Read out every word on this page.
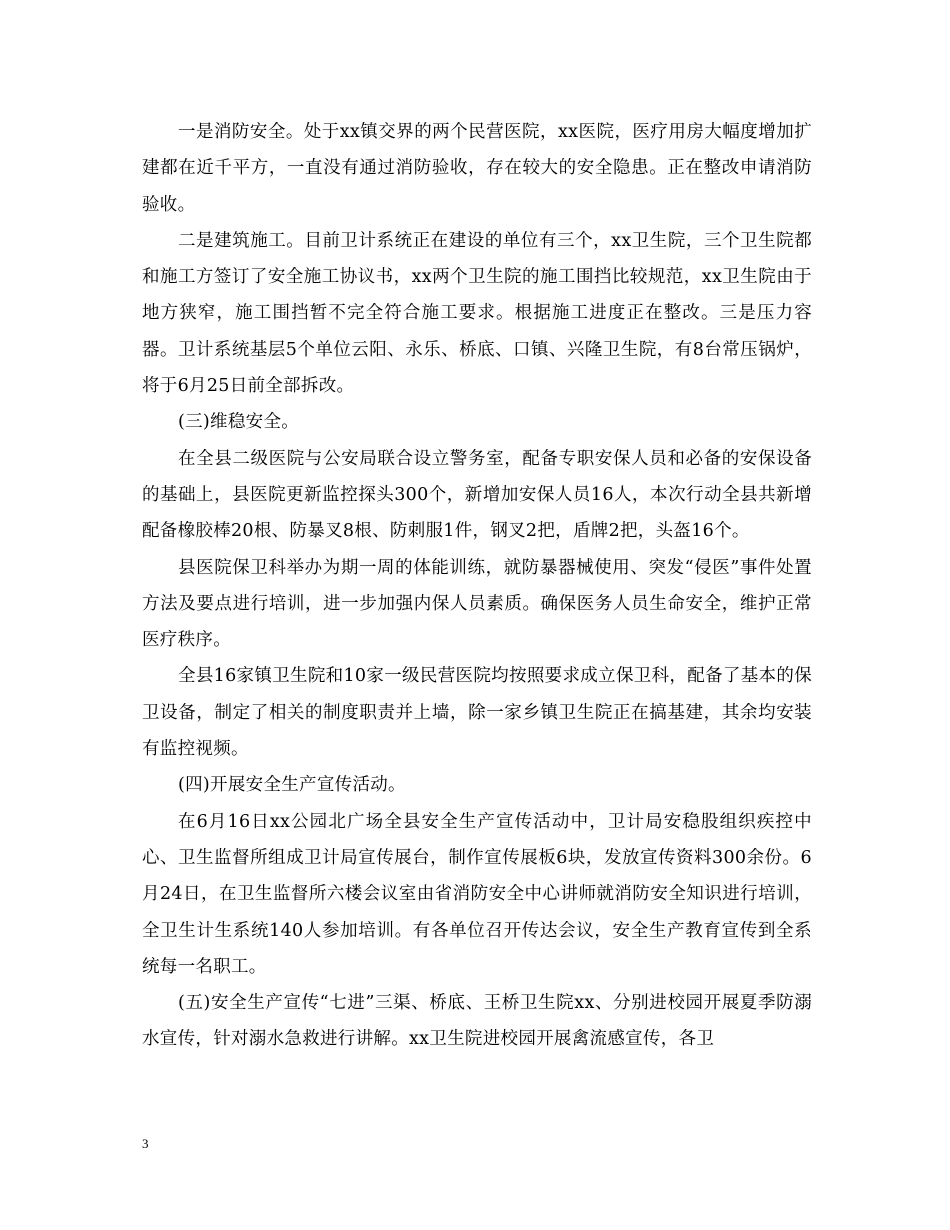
一是消防安全。处于xx镇交界的两个民营医院，xx医院，医疗用房大幅度增加扩建都在近千平方，一直没有通过消防验收，存在较大的安全隐患。正在整改申请消防验收。

二是建筑施工。目前卫计系统正在建设的单位有三个，xx卫生院，三个卫生院都和施工方签订了安全施工协议书，xx两个卫生院的施工围挡比较规范，xx卫生院由于地方狭窄，施工围挡暂不完全符合施工要求。根据施工进度正在整改。三是压力容器。卫计系统基层5个单位云阳、永乐、桥底、口镇、兴隆卫生院，有8台常压锅炉，将于6月25日前全部拆改。

(三)维稳安全。

在全县二级医院与公安局联合设立警务室，配备专职安保人员和必备的安保设备的基础上，县医院更新监控探头300个，新增加安保人员16人，本次行动全县共新增配备橡胶棒20根、防暴叉8根、防刺服1件，钢叉2把，盾牌2把，头盔16个。

县医院保卫科举办为期一周的体能训练，就防暴器械使用、突发“侵医”事件处置方法及要点进行培训，进一步加强内保人员素质。确保医务人员生命安全，维护正常医疗秩序。

全县16家镇卫生院和10家一级民营医院均按照要求成立保卫科，配备了基本的保卫设备，制定了相关的制度职责并上墙，除一家乡镇卫生院正在搞基建，其余均安装有监控视频。

(四)开展安全生产宣传活动。

在6月16日xx公园北广场全县安全生产宣传活动中，卫计局安稳股组织疾控中心、卫生监督所组成卫计局宣传展台，制作宣传展板6块，发放宣传资料300余份。6月24日，在卫生监督所六楼会议室由省消防安全中心讲师就消防安全知识进行培训，全卫生计生系统140人参加培训。有各单位召开传达会议，安全生产教育宣传到全系统每一名职工。

(五)安全生产宣传“七进”三渠、桥底、王桥卫生院xx、分别进校园开展夏季防溺水宣传，针对溺水急救进行讲解。xx卫生院进校园开展禽流感宣传，各卫

3
